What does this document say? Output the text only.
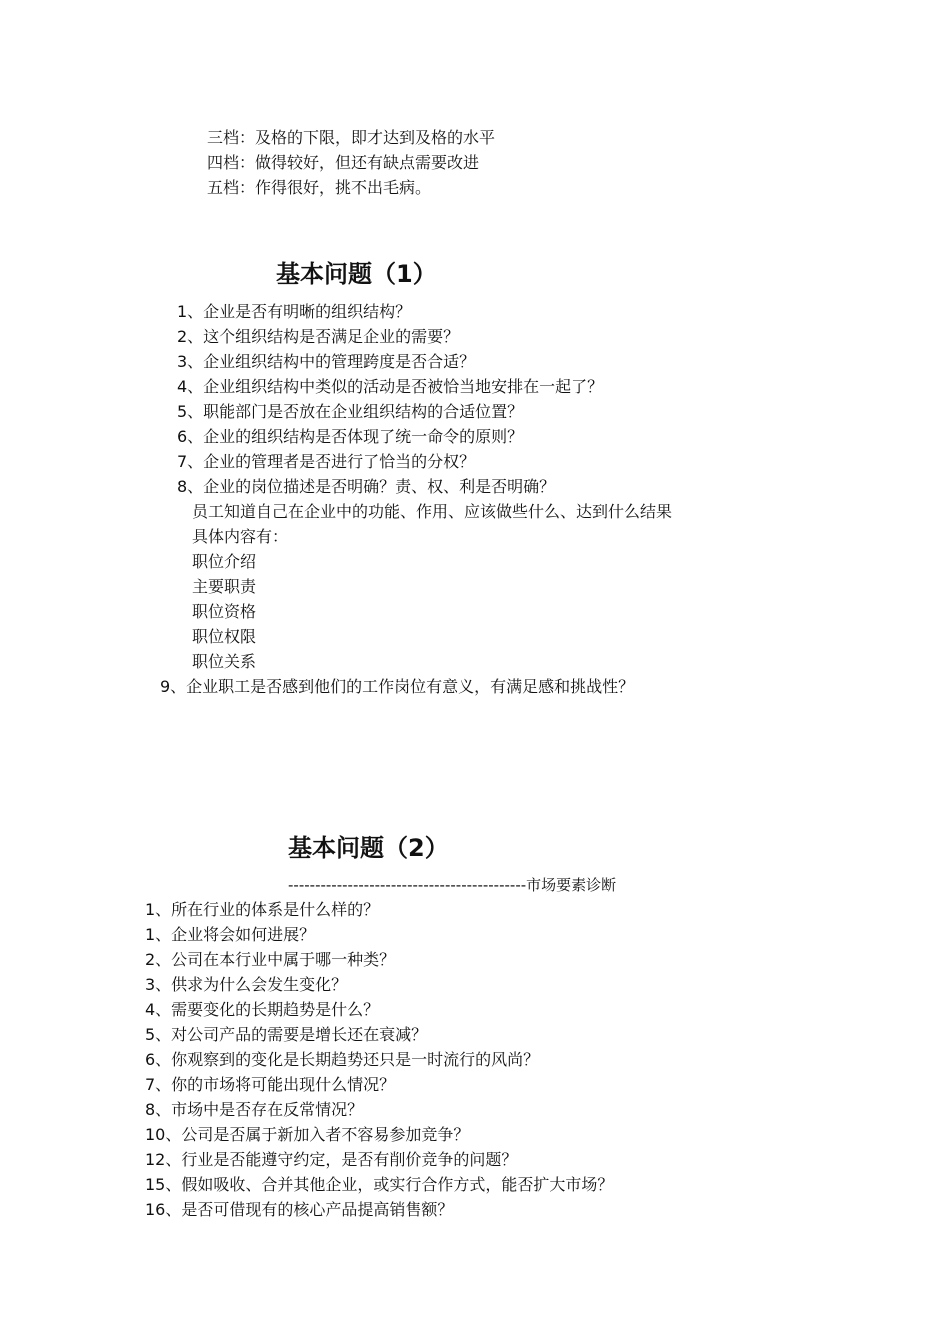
三档：及格的下限，即才达到及格的水平
四档：做得较好，但还有缺点需要改进
五档：作得很好，挑不出毛病。
基本问题（1）
1、企业是否有明晰的组织结构？
2、这个组织结构是否满足企业的需要？
3、企业组织结构中的管理跨度是否合适？
4、企业组织结构中类似的活动是否被恰当地安排在一起了？
5、职能部门是否放在企业组织结构的合适位置？
6、企业的组织结构是否体现了统一命令的原则？
7、企业的管理者是否进行了恰当的分权？
8、企业的岗位描述是否明确？责、权、利是否明确？
员工知道自己在企业中的功能、作用、应该做些什么、达到什么结果
具体内容有：
职位介绍
主要职责
职位资格
职位权限
职位关系
9、企业职工是否感到他们的工作岗位有意义，有满足感和挑战性？
基本问题（2）
--------------------------------------------市场要素诊断
1、所在行业的体系是什么样的？
1、企业将会如何进展？
2、公司在本行业中属于哪一种类？
3、供求为什么会发生变化？
4、需要变化的长期趋势是什么？
5、对公司产品的需要是增长还在衰减？
6、你观察到的变化是长期趋势还只是一时流行的风尚？
7、你的市场将可能出现什么情况？
8、市场中是否存在反常情况？
10、公司是否属于新加入者不容易参加竞争？
12、行业是否能遵守约定，是否有削价竞争的问题？
15、假如吸收、合并其他企业，或实行合作方式，能否扩大市场？
16、是否可借现有的核心产品提高销售额？
